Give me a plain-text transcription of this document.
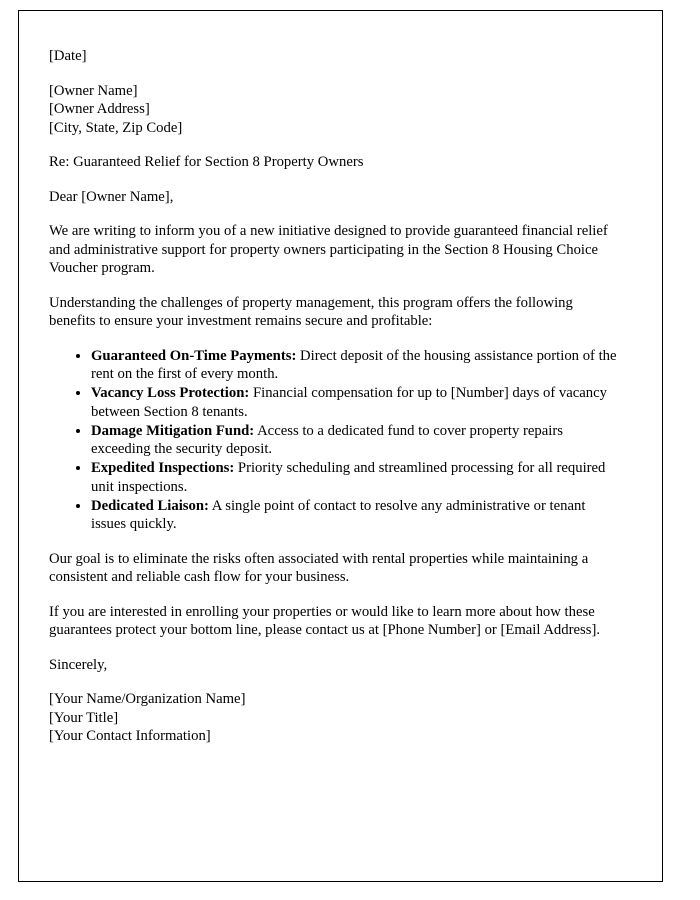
[Date]
[Owner Name]
[Owner Address]
[City, State, Zip Code]
Re: Guaranteed Relief for Section 8 Property Owners
Dear [Owner Name],
We are writing to inform you of a new initiative designed to provide guaranteed financial relief and administrative support for property owners participating in the Section 8 Housing Choice Voucher program.
Understanding the challenges of property management, this program offers the following benefits to ensure your investment remains secure and profitable:
• Guaranteed On-Time Payments: Direct deposit of the housing assistance portion of the rent on the first of every month.
• Vacancy Loss Protection: Financial compensation for up to [Number] days of vacancy between Section 8 tenants.
• Damage Mitigation Fund: Access to a dedicated fund to cover property repairs exceeding the security deposit.
• Expedited Inspections: Priority scheduling and streamlined processing for all required unit inspections.
• Dedicated Liaison: A single point of contact to resolve any administrative or tenant issues quickly.
Our goal is to eliminate the risks often associated with rental properties while maintaining a consistent and reliable cash flow for your business.
If you are interested in enrolling your properties or would like to learn more about how these guarantees protect your bottom line, please contact us at [Phone Number] or [Email Address].
Sincerely,
[Your Name/Organization Name]
[Your Title]
[Your Contact Information]
